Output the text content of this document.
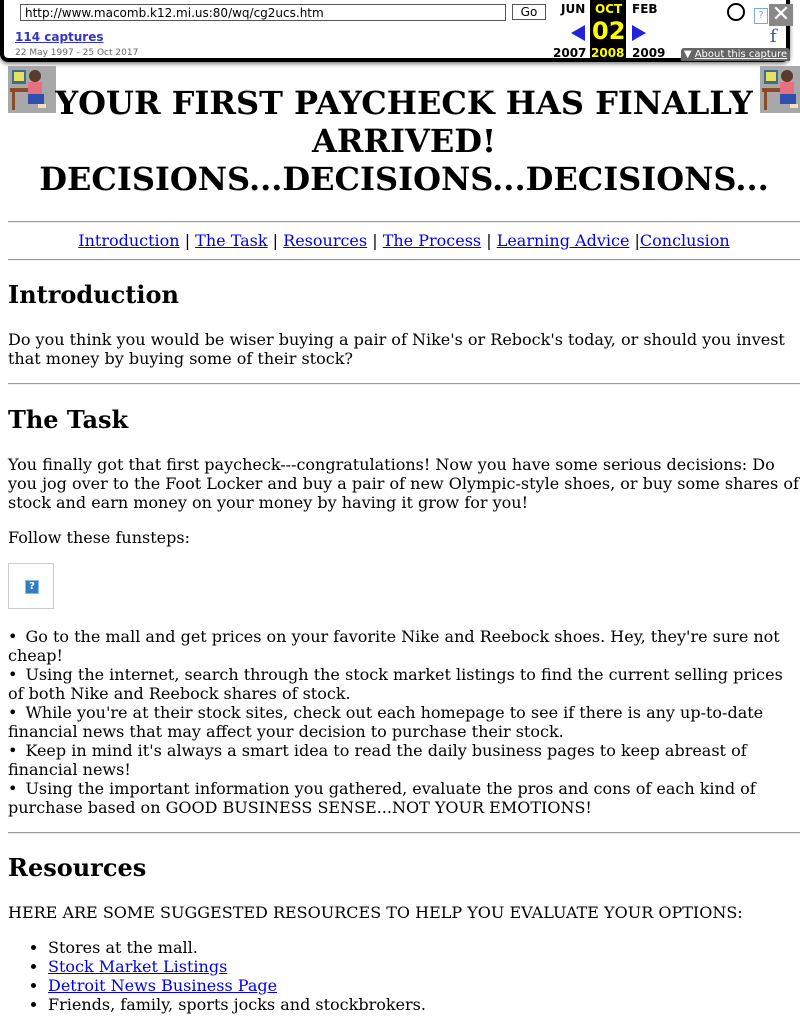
http://www.macomb.k12.mi.us:80/wq/cg2ucs.htm
Go
114 captures
22 May 1997 - 25 Oct 2017
JUN
2007
OCT
02
2008
FEB
2009
? ✕
f
▼ About this capture
YOUR FIRST PAYCHECK HAS FINALLY ARRIVED!
DECISIONS...DECISIONS...DECISIONS...
Introduction | The Task | Resources | The Process | Learning Advice |Conclusion
Introduction

Do you think you would be wiser buying a pair of Nike's or Rebock's today, or should you invest that money by buying some of their stock?

The Task

You finally got that first paycheck---congratulations! Now you have some serious decisions: Do you jog over to the Foot Locker and buy a pair of new Olympic-style shoes, or buy some shares of stock and earn money on your money by having it grow for you!

Follow these funsteps:

?
• Go to the mall and get prices on your favorite Nike and Reebock shoes. Hey, they're sure not cheap!
• Using the internet, search through the stock market listings to find the current selling prices of both Nike and Reebock shares of stock.
• While you're at their stock sites, check out each homepage to see if there is any up-to-date financial news that may affect your decision to purchase their stock.
• Keep in mind it's always a smart idea to read the daily business pages to keep abreast of financial news!
• Using the important information you gathered, evaluate the pros and cons of each kind of purchase based on GOOD BUSINESS SENSE...NOT YOUR EMOTIONS!
Resources

HERE ARE SOME SUGGESTED RESOURCES TO HELP YOU EVALUATE YOUR OPTIONS:

• Stores at the mall.
• Stock Market Listings
• Detroit News Business Page
• Friends, family, sports jocks and stockbrokers.
